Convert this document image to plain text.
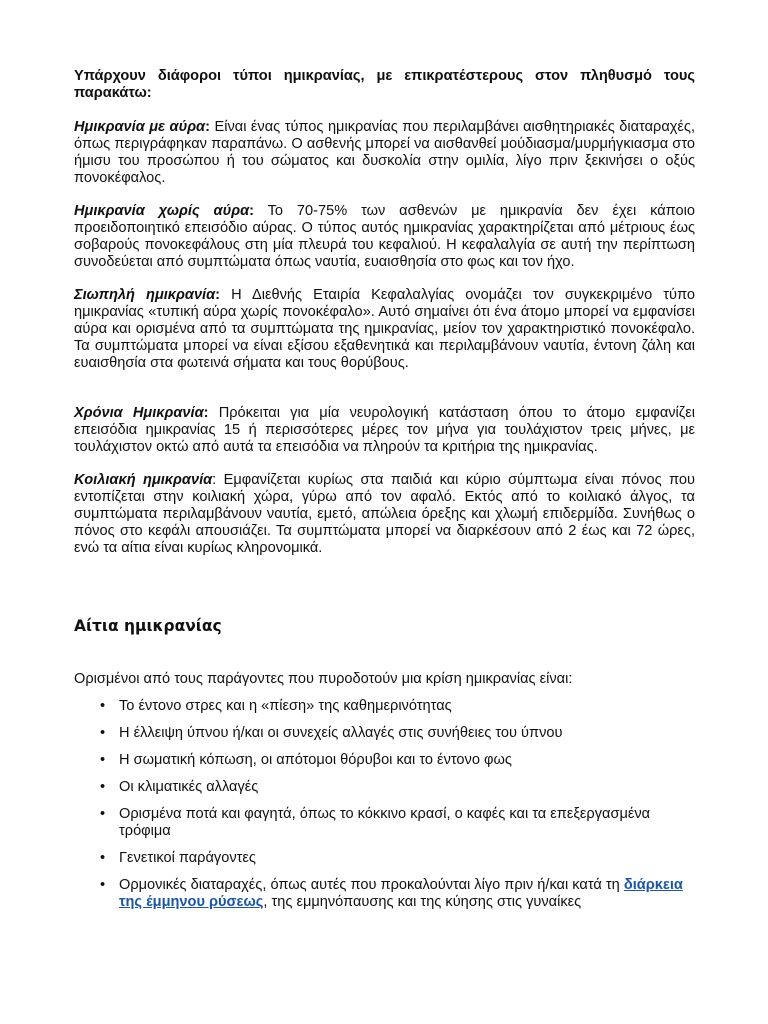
Υπάρχουν διάφοροι τύποι ημικρανίας, με επικρατέστερους στον πληθυσμό τους παρακάτω:

Ημικρανία με αύρα: Είναι ένας τύπος ημικρανίας που περιλαμβάνει αισθητηριακές διαταραχές, όπως περιγράφηκαν παραπάνω. Ο ασθενής μπορεί να αισθανθεί μούδιασμα/μυρμήγκιασμα στο ήμισυ του προσώπου ή του σώματος και δυσκολία στην ομιλία, λίγο πριν ξεκινήσει ο οξύς πονοκέφαλος.

Ημικρανία χωρίς αύρα: Το 70-75% των ασθενών με ημικρανία δεν έχει κάποιο προειδοποιητικό επεισόδιο αύρας. Ο τύπος αυτός ημικρανίας χαρακτηρίζεται από μέτριους έως σοβαρούς πονοκεφάλους στη μία πλευρά του κεφαλιού. Η κεφαλαλγία σε αυτή την περίπτωση συνοδεύεται από συμπτώματα όπως ναυτία, ευαισθησία στο φως και τον ήχο.

Σιωπηλή ημικρανία: Η Διεθνής Εταιρία Κεφαλαλγίας ονομάζει τον συγκεκριμένο τύπο ημικρανίας «τυπική αύρα χωρίς πονοκέφαλο». Αυτό σημαίνει ότι ένα άτομο μπορεί να εμφανίσει αύρα και ορισμένα από τα συμπτώματα της ημικρανίας, μείον τον χαρακτηριστικό πονοκέφαλο. Τα συμπτώματα μπορεί να είναι εξίσου εξαθενητικά και περιλαμβάνουν ναυτία, έντονη ζάλη και ευαισθησία στα φωτεινά σήματα και τους θορύβους.

Χρόνια Ημικρανία: Πρόκειται για μία νευρολογική κατάσταση όπου το άτομο εμφανίζει επεισόδια ημικρανίας 15 ή περισσότερες μέρες τον μήνα για τουλάχιστον τρεις μήνες, με τουλάχιστον οκτώ από αυτά τα επεισόδια να πληρούν τα κριτήρια της ημικρανίας.

Κοιλιακή ημικρανία: Εμφανίζεται κυρίως στα παιδιά και κύριο σύμπτωμα είναι πόνος που εντοπίζεται στην κοιλιακή χώρα, γύρω από τον αφαλό. Εκτός από το κοιλιακό άλγος, τα συμπτώματα περιλαμβάνουν ναυτία, εμετό, απώλεια όρεξης και χλωμή επιδερμίδα. Συνήθως ο πόνος στο κεφάλι απουσιάζει. Τα συμπτώματα μπορεί να διαρκέσουν από 2 έως και 72 ώρες, ενώ τα αίτια είναι κυρίως κληρονομικά.

Αίτια ημικρανίας

Ορισμένοι από τους παράγοντες που πυροδοτούν μια κρίση ημικρανίας είναι:

• Το έντονο στρες και η «πίεση» της καθημερινότητας
• Η έλλειψη ύπνου ή/και οι συνεχείς αλλαγές στις συνήθειες του ύπνου
• Η σωματική κόπωση, οι απότομοι θόρυβοι και το έντονο φως
• Οι κλιματικές αλλαγές
• Ορισμένα ποτά και φαγητά, όπως το κόκκινο κρασί, ο καφές και τα επεξεργασμένα τρόφιμα
• Γενετικοί παράγοντες
• Ορμονικές διαταραχές, όπως αυτές που προκαλούνται λίγο πριν ή/και κατά τη διάρκεια της έμμηνου ρύσεως, της εμμηνόπαυσης και της κύησης στις γυναίκες
